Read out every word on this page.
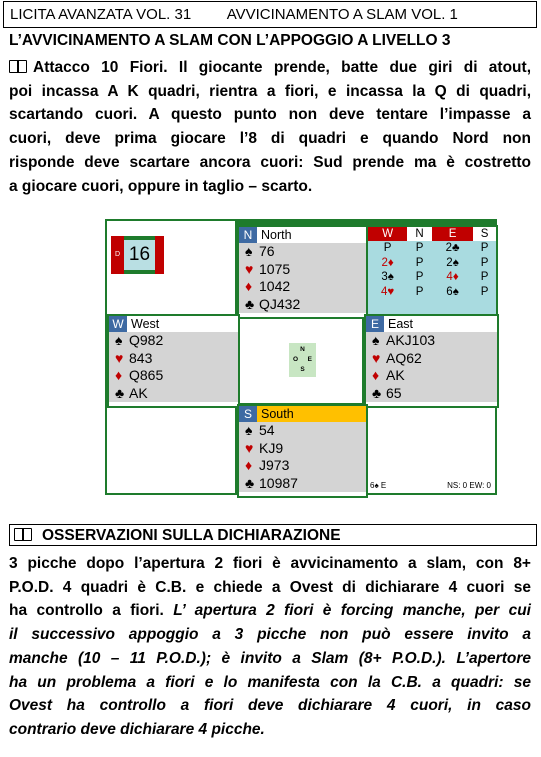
LICITA AVANZATA VOL. 31 AVVICINAMENTO A SLAM VOL. 1
L’AVVICINAMENTO A SLAM CON L’APPOGGIO A LIVELLO 3
Attacco 10 Fiori. Il giocante prende, batte due giri di atout,
poi incassa A K quadri, rientra a fiori, e incassa la Q di quadri,
scartando cuori. A questo punto non deve tentare l’impasse a
cuori, deve prima giocare l’8 di quadri e quando Nord non
risponde deve scartare ancora cuori: Sud prende ma è costretto
a giocare cuori, oppure in taglio – scarto.
D 16
N North
♠ 76
♥ 1075
♦ 1042
♣ QJ432
W	N	E	S
P	P	2♣	P
2♦	P	2♠	P
3♠	P	4♦	P
4♥	P	6♠	P
W West
♠ Q982
♥ 843
♦ Q865
♣ AK
N
O E
S
E East
♠ AKJ103
♥ AQ62
♦ AK
♣ 65
S South
♠ 54
♥ KJ9
♦ J973
♣ 10987	6♠ E	NS: 0 EW: 0
OSSERVAZIONI SULLA DICHIARAZIONE
3 picche dopo l’apertura 2 fiori è avvicinamento a slam, con 8+
P.O.D. 4 quadri è C.B. e chiede a Ovest di dichiarare 4 cuori se
ha controllo a fiori. L’ apertura 2 fiori è forcing manche, per cui
il successivo appoggio a 3 picche non può essere invito a
manche (10 – 11 P.O.D.); è invito a Slam (8+ P.O.D.). L’apertore
ha un problema a fiori e lo manifesta con la C.B. a quadri: se
Ovest ha controllo a fiori deve dichiarare 4 cuori, in caso
contrario deve dichiarare 4 picche.
